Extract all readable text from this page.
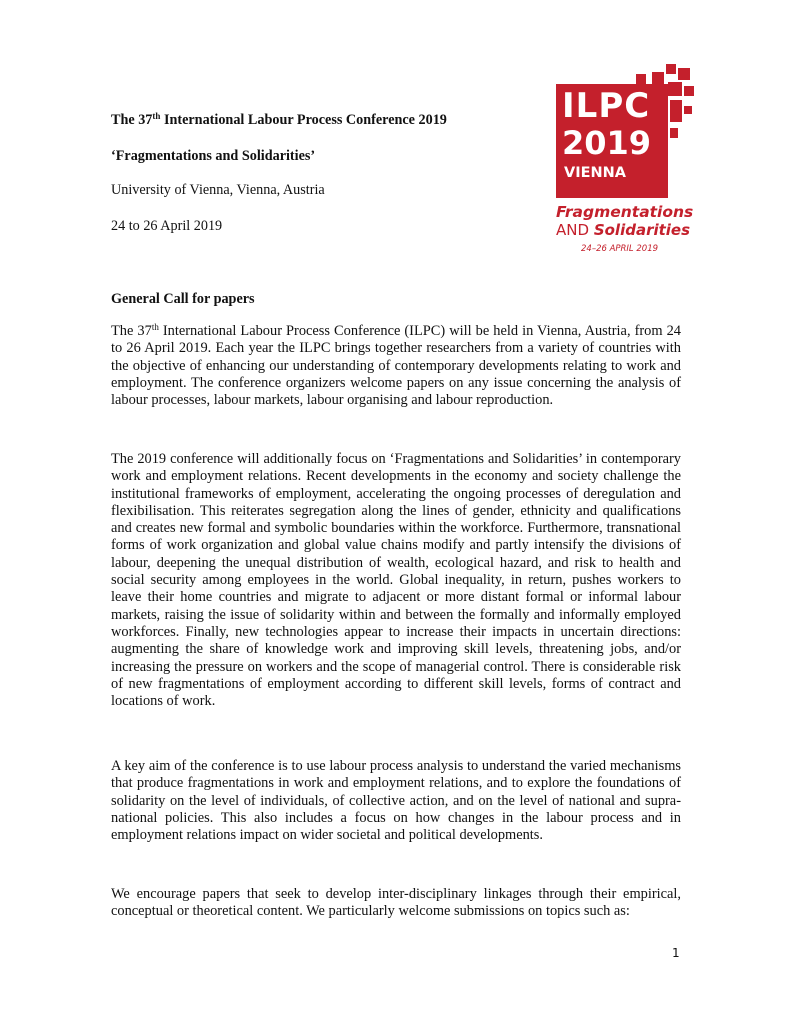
The 37th International Labour Process Conference 2019
‘Fragmentations and Solidarities’
University of Vienna, Vienna, Austria
24 to 26 April 2019
ILPC
2019
VIENNA
Fragmentations
AND Solidarities
24–26 APRIL 2019
General Call for papers

The 37th International Labour Process Conference (ILPC) will be held in Vienna, Austria, from 24 to 26 April 2019. Each year the ILPC brings together researchers from a variety of countries with the objective of enhancing our understanding of contemporary developments relating to work and employment. The conference organizers welcome papers on any issue concerning the analysis of labour processes, labour markets, labour organising and labour reproduction.

The 2019 conference will additionally focus on ‘Fragmentations and Solidarities’ in contemporary work and employment relations. Recent developments in the economy and society challenge the institutional frameworks of employment, accelerating the ongoing processes of deregulation and flexibilisation. This reiterates segregation along the lines of gender, ethnicity and qualifications and creates new formal and symbolic boundaries within the workforce. Furthermore, transnational forms of work organization and global value chains modify and partly intensify the divisions of labour, deepening the unequal distribution of wealth, ecological hazard, and risk to health and social security among employees in the world. Global inequality, in return, pushes workers to leave their home countries and migrate to adjacent or more distant formal or informal labour markets, raising the issue of solidarity within and between the formally and informally employed workforces. Finally, new technologies appear to increase their impacts in uncertain directions: augmenting the share of knowledge work and improving skill levels, threatening jobs, and/or increasing the pressure on workers and the scope of managerial control. There is considerable risk of new fragmentations of employment according to different skill levels, forms of contract and locations of work.

A key aim of the conference is to use labour process analysis to understand the varied mechanisms that produce fragmentations in work and employment relations, and to explore the foundations of solidarity on the level of individuals, of collective action, and on the level of national and supra-national policies. This also includes a focus on how changes in the labour process and in employment relations impact on wider societal and political developments.

We encourage papers that seek to develop inter-disciplinary linkages through their empirical, conceptual or theoretical content. We particularly welcome submissions on topics such as:

1
